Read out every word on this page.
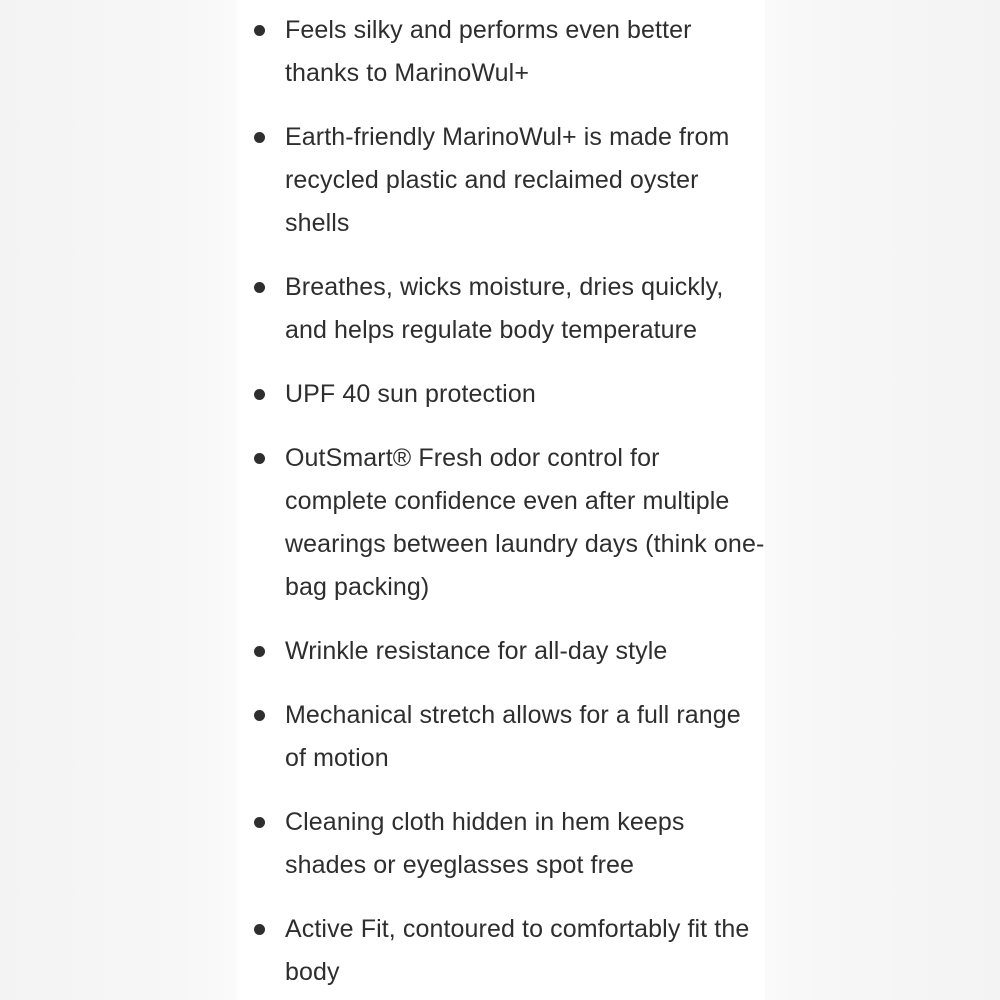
Feels silky and performs even better thanks to MarinoWul+
Earth-friendly MarinoWul+ is made from recycled plastic and reclaimed oyster shells
Breathes, wicks moisture, dries quickly, and helps regulate body temperature
UPF 40 sun protection
OutSmart® Fresh odor control for complete confidence even after multiple wearings between laundry days (think one-bag packing)
Wrinkle resistance for all-day style
Mechanical stretch allows for a full range of motion
Cleaning cloth hidden in hem keeps shades or eyeglasses spot free
Active Fit, contoured to comfortably fit the body
